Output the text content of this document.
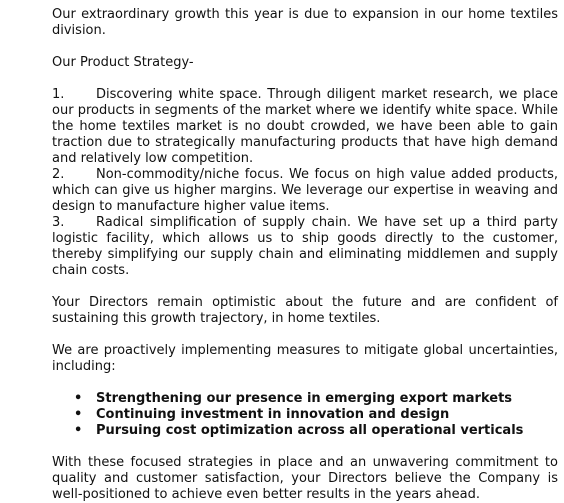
Our extraordinary growth this year is due to expansion in our home textiles division.

Our Product Strategy-

1. Discovering white space. Through diligent market research, we place our products in segments of the market where we identify white space. While the home textiles market is no doubt crowded, we have been able to gain traction due to strategically manufacturing products that have high demand and relatively low competition.

2. Non-commodity/niche focus. We focus on high value added products, which can give us higher margins. We leverage our expertise in weaving and design to manufacture higher value items.

3. Radical simplification of supply chain. We have set up a third party logistic facility, which allows us to ship goods directly to the customer, thereby simplifying our supply chain and eliminating middlemen and supply chain costs.

Your Directors remain optimistic about the future and are confident of sustaining this growth trajectory, in home textiles.

We are proactively implementing measures to mitigate global uncertainties, including:

• Strengthening our presence in emerging export markets
• Continuing investment in innovation and design
• Pursuing cost optimization across all operational verticals

With these focused strategies in place and an unwavering commitment to quality and customer satisfaction, your Directors believe the Company is well-positioned to achieve even better results in the years ahead.
